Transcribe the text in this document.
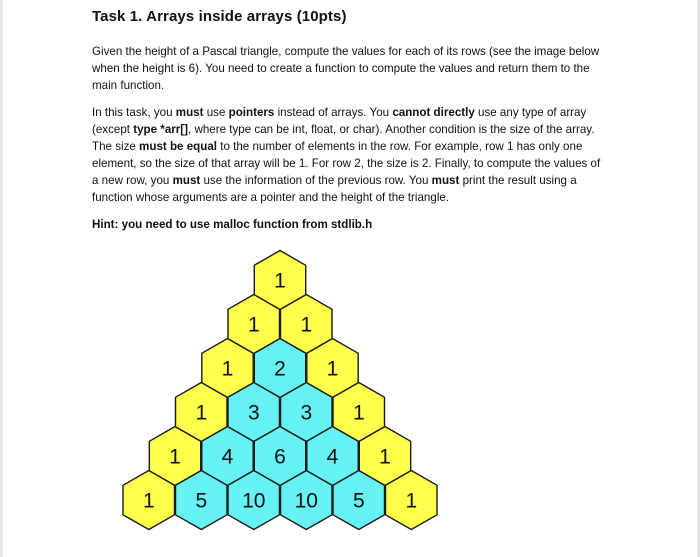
Task 1. Arrays inside arrays (10pts)

Given the height of a Pascal triangle, compute the values for each of its rows (see the image below when the height is 6). You need to create a function to compute the values and return them to the main function.

In this task, you must use pointers instead of arrays. You cannot directly use any type of array (except type *arr[], where type can be int, float, or char). Another condition is the size of the array. The size must be equal to the number of elements in the row. For example, row 1 has only one element, so the size of that array will be 1. For row 2, the size is 2. Finally, to compute the values of a new row, you must use the information of the previous row. You must print the result using a function whose arguments are a pointer and the height of the triangle.

Hint: you need to use malloc function from stdlib.h

1
1 1
1 2 1
1 3 3 1
1 4 6 4 1
1 5 10 10 5 1
